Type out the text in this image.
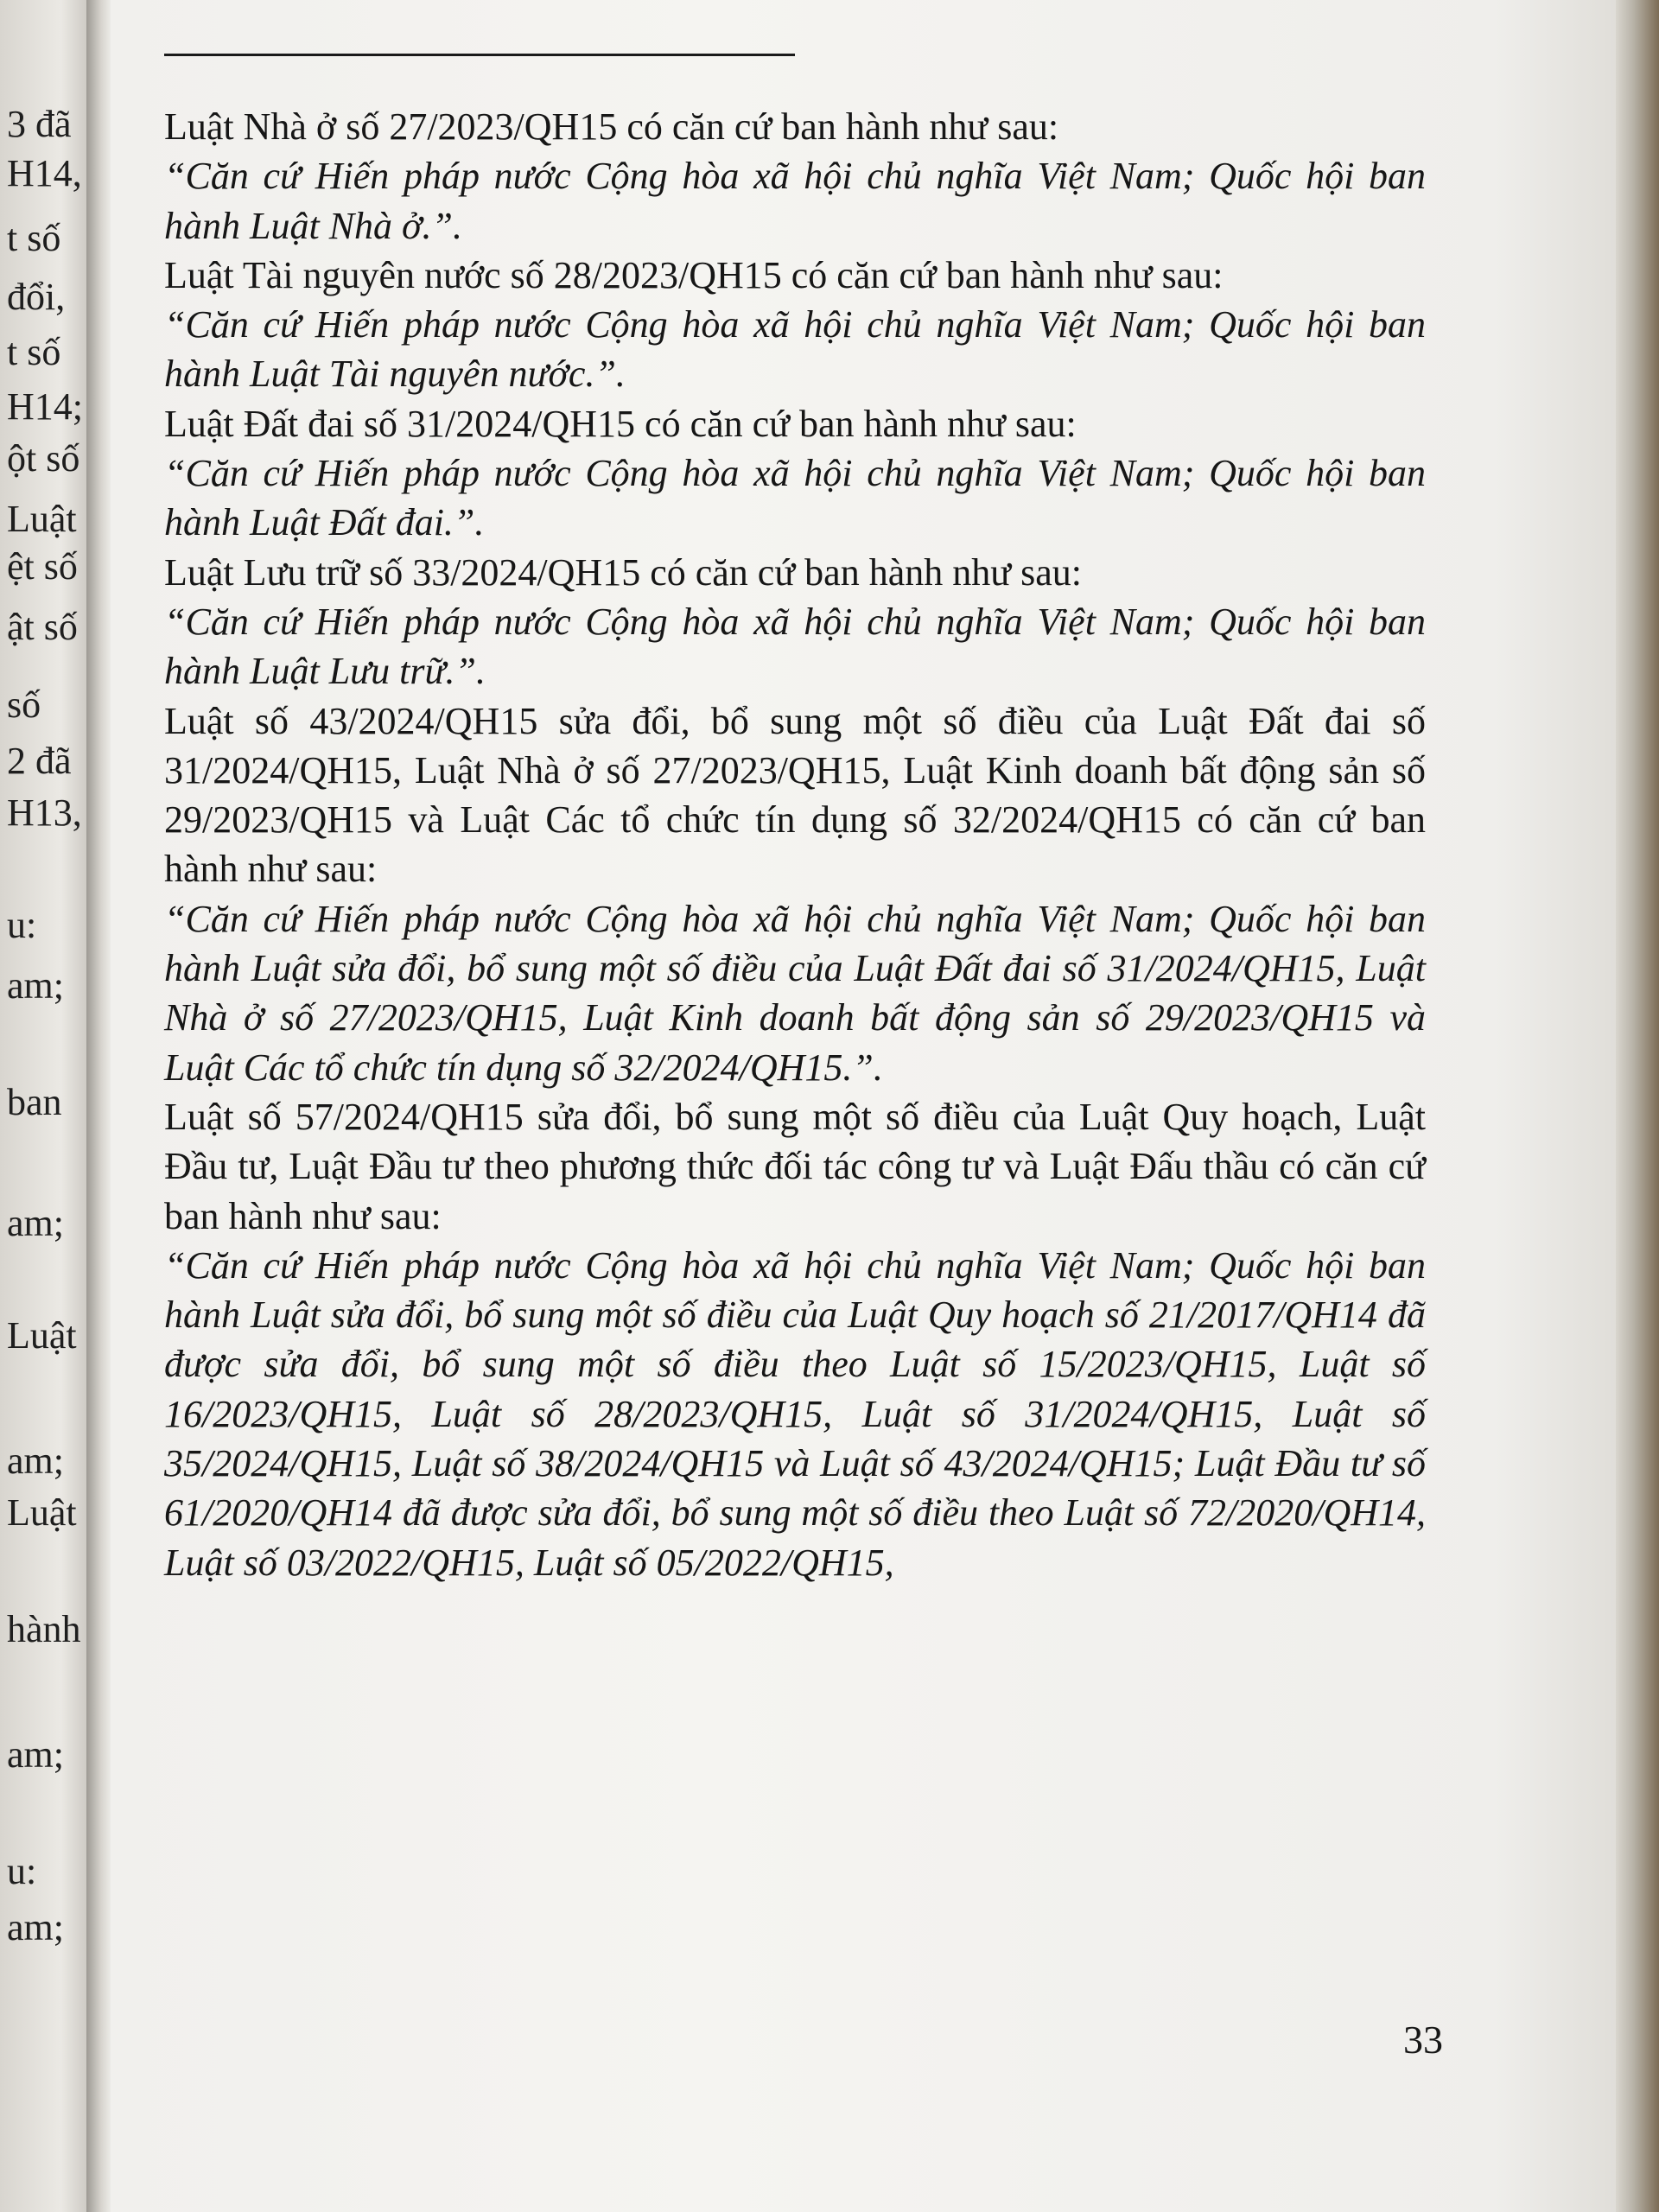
3 đã
H14,
t số
đổi,
t số
H14;
ột số
Luật
ệt số
ật số
số
2 đã
H13,
u:
am;
ban
am;
Luật
am;
Luật
hành
am;
u:
am;

Luật Nhà ở số 27/2023/QH15 có căn cứ ban hành như sau:

“Căn cứ Hiến pháp nước Cộng hòa xã hội chủ nghĩa Việt Nam; Quốc hội ban hành Luật Nhà ở.”.

Luật Tài nguyên nước số 28/2023/QH15 có căn cứ ban hành như sau:

“Căn cứ Hiến pháp nước Cộng hòa xã hội chủ nghĩa Việt Nam; Quốc hội ban hành Luật Tài nguyên nước.”.

Luật Đất đai số 31/2024/QH15 có căn cứ ban hành như sau:

“Căn cứ Hiến pháp nước Cộng hòa xã hội chủ nghĩa Việt Nam; Quốc hội ban hành Luật Đất đai.”.

Luật Lưu trữ số 33/2024/QH15 có căn cứ ban hành như sau:

“Căn cứ Hiến pháp nước Cộng hòa xã hội chủ nghĩa Việt Nam; Quốc hội ban hành Luật Lưu trữ.”.

Luật số 43/2024/QH15 sửa đổi, bổ sung một số điều của Luật Đất đai số 31/2024/QH15, Luật Nhà ở số 27/2023/QH15, Luật Kinh doanh bất động sản số 29/2023/QH15 và Luật Các tổ chức tín dụng số 32/2024/QH15 có căn cứ ban hành như sau:

“Căn cứ Hiến pháp nước Cộng hòa xã hội chủ nghĩa Việt Nam; Quốc hội ban hành Luật sửa đổi, bổ sung một số điều của Luật Đất đai số 31/2024/QH15, Luật Nhà ở số 27/2023/QH15, Luật Kinh doanh bất động sản số 29/2023/QH15 và Luật Các tổ chức tín dụng số 32/2024/QH15.”.

Luật số 57/2024/QH15 sửa đổi, bổ sung một số điều của Luật Quy hoạch, Luật Đầu tư, Luật Đầu tư theo phương thức đối tác công tư và Luật Đấu thầu có căn cứ ban hành như sau:

“Căn cứ Hiến pháp nước Cộng hòa xã hội chủ nghĩa Việt Nam; Quốc hội ban hành Luật sửa đổi, bổ sung một số điều của Luật Quy hoạch số 21/2017/QH14 đã được sửa đổi, bổ sung một số điều theo Luật số 15/2023/QH15, Luật số 16/2023/QH15, Luật số 28/2023/QH15, Luật số 31/2024/QH15, Luật số 35/2024/QH15, Luật số 38/2024/QH15 và Luật số 43/2024/QH15; Luật Đầu tư số 61/2020/QH14 đã được sửa đổi, bổ sung một số điều theo Luật số 72/2020/QH14, Luật số 03/2022/QH15, Luật số 05/2022/QH15,

33
